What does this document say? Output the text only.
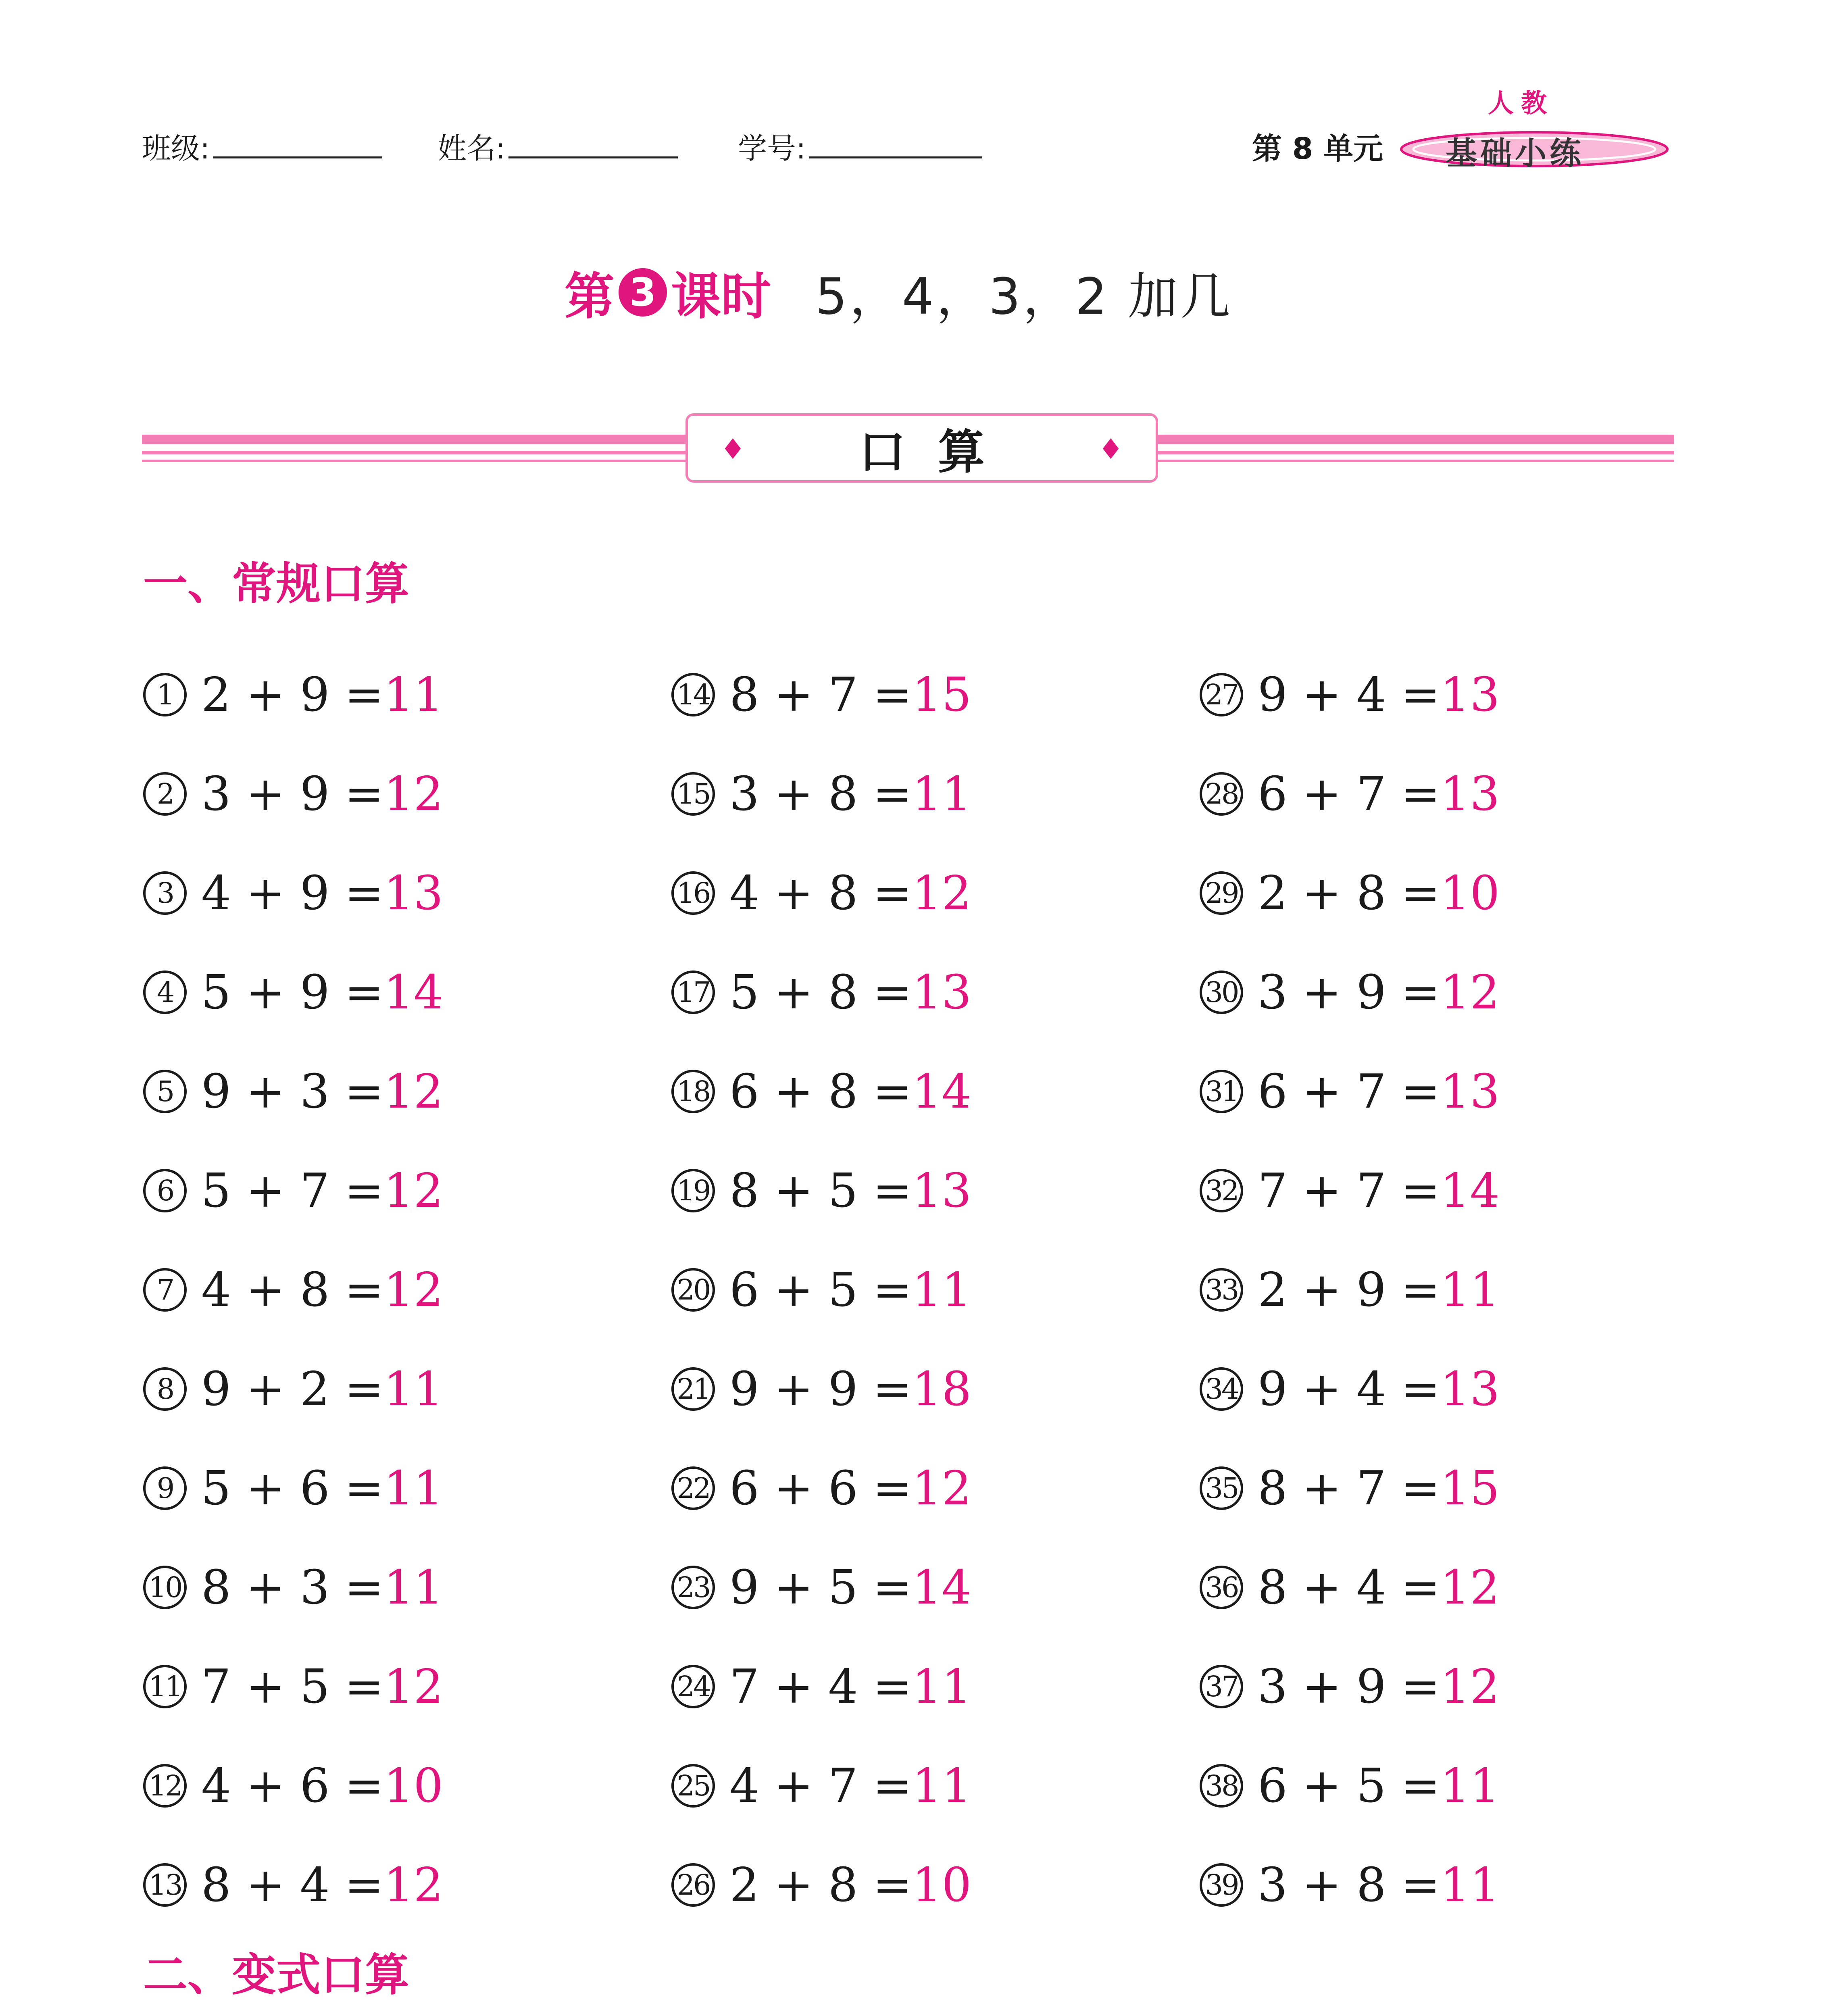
班级:	姓名:	学号:	第 8 单元
人教
基础小练
第 3 课时 5，4，3，2 加几
♦ 口算	♦
一、常规口算
1 2 + 9 = 11
2 3 + 9 = 12
3 4 + 9 = 13
4 5 + 9 = 14
5 9 + 3 = 12
6 5 + 7 = 12
7 4 + 8 = 12
8 9 + 2 = 11
9 5 + 6 = 11
10 8 + 3 = 11
11 7 + 5 = 12
12 4 + 6 = 10
13 8 + 4 = 12
14 8 + 7 = 15
15 3 + 8 = 11
16 4 + 8 = 12
17 5 + 8 = 13
18 6 + 8 = 14
19 8 + 5 = 13
20 6 + 5 = 11
21 9 + 9 = 18
22 6 + 6 = 12
23 9 + 5 = 14
24 7 + 4 = 11
25 4 + 7 = 11
26 2 + 8 = 10
27 9 + 4 = 13
28 6 + 7 = 13
29 2 + 8 = 10
30 3 + 9 = 12
31 6 + 7 = 13
32 7 + 7 = 14
33 2 + 9 = 11
34 9 + 4 = 13
35 8 + 7 = 15
36 8 + 4 = 12
37 3 + 9 = 12
38 6 + 5 = 11
39 3 + 8 = 11
二、变式口算
